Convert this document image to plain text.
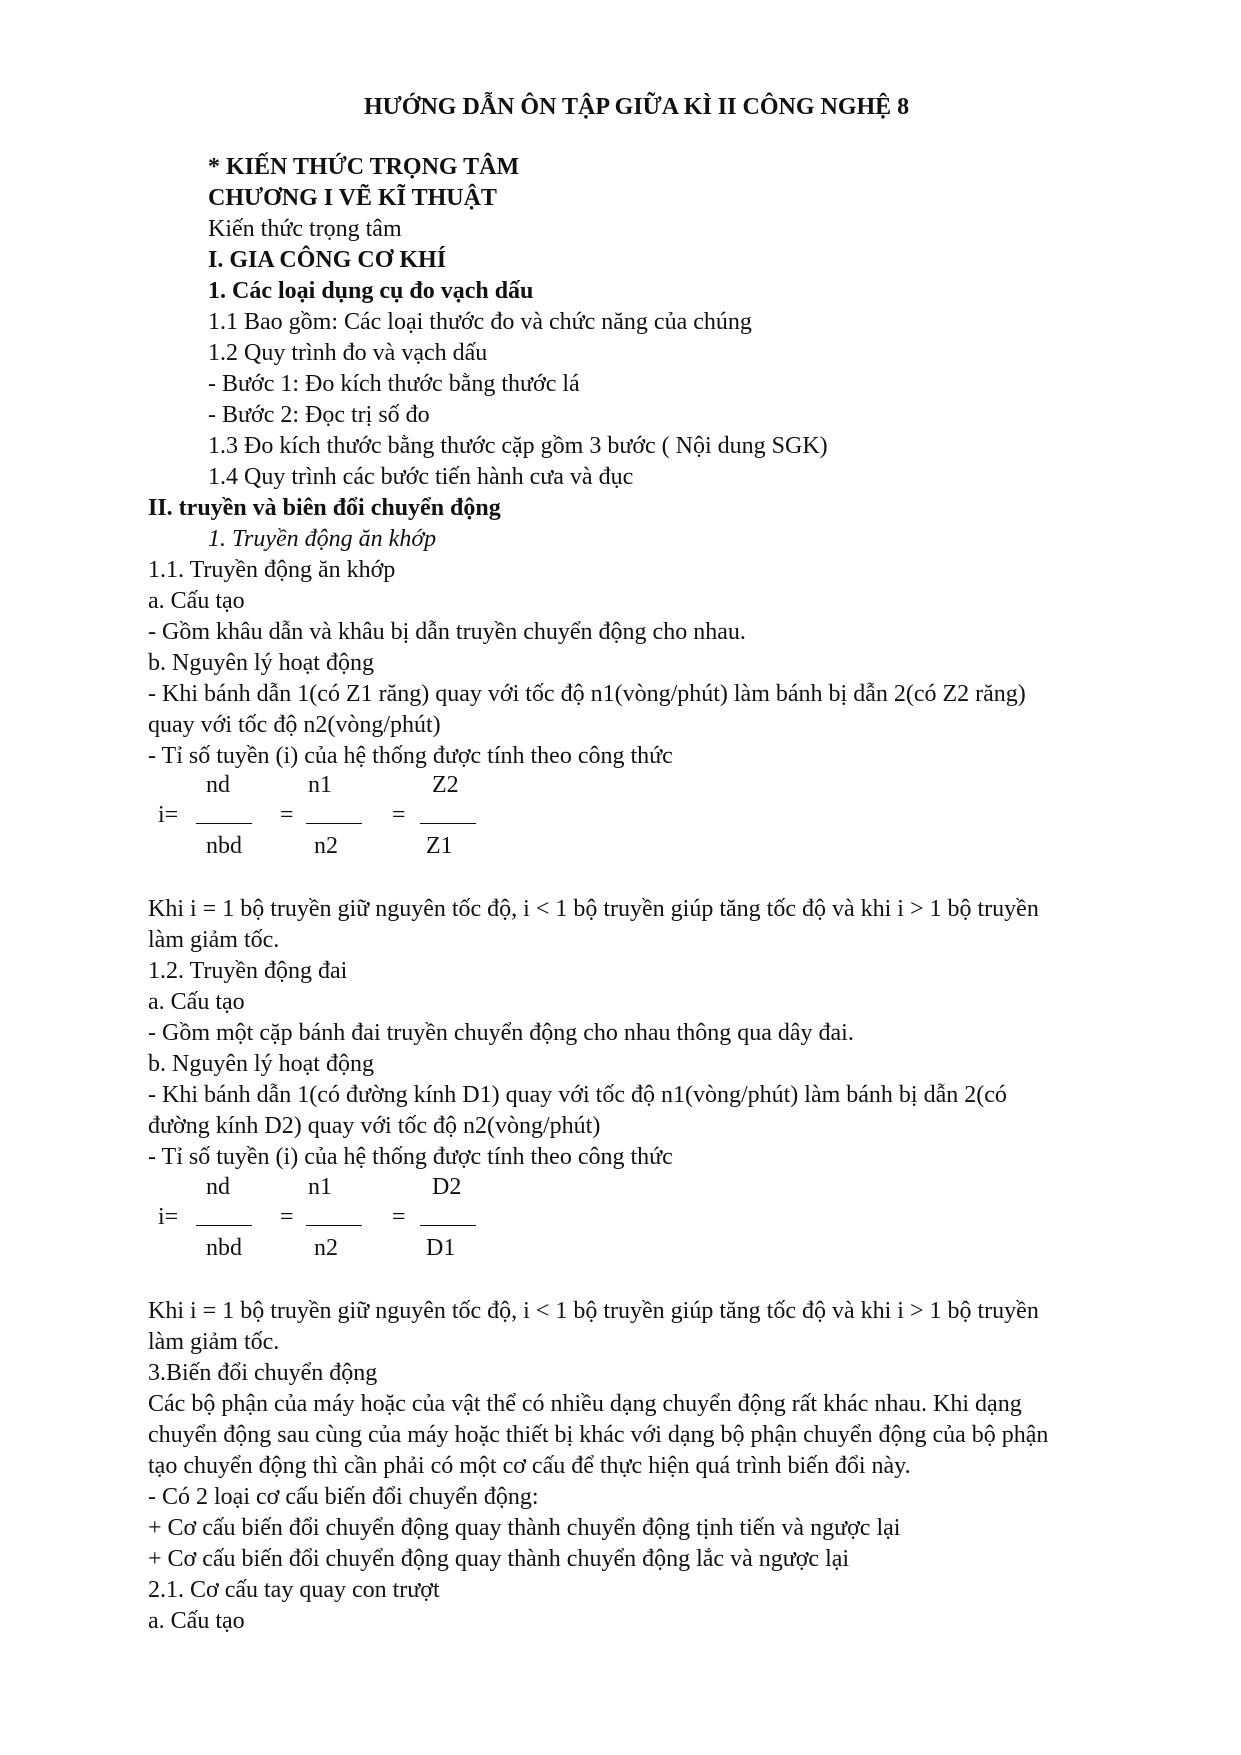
HƯỚNG DẪN ÔN TẬP GIỮA KÌ II CÔNG NGHỆ 8
* KIẾN THỨC TRỌNG TÂM
CHƯƠNG I VẼ KĨ THUẬT
Kiến thức trọng tâm
I. GIA CÔNG CƠ KHÍ
1. Các loại dụng cụ đo vạch dấu
1.1 Bao gồm: Các loại thước đo và chức năng của chúng
1.2 Quy trình đo và vạch dấu
- Bước 1: Đo kích thước bằng thước lá
- Bước 2: Đọc trị số đo
1.3 Đo kích thước bằng thước cặp gồm 3 bước ( Nội dung SGK)
1.4 Quy trình các bước tiến hành cưa và đục
II. truyền và biên đổi chuyển động
1. Truyền động ăn khớp
1.1. Truyền động ăn khớp
a. Cấu tạo
- Gồm khâu dẫn và khâu bị dẫn truyền chuyển động cho nhau.
b. Nguyên lý hoạt động
- Khi bánh dẫn 1(có Z1 răng) quay với tốc độ n1(vòng/phút) làm bánh bị dẫn 2(có Z2 răng)
quay với tốc độ n2(vòng/phút)
- Tỉ số tuyền (i) của hệ thống được tính theo công thức
i=
nd
nbd
=
n1
n2
=
Z2
Z1
Khi i = 1 bộ truyền giữ nguyên tốc độ, i < 1 bộ truyền giúp tăng tốc độ và khi i > 1 bộ truyền
làm giảm tốc.
1.2. Truyền động đai
a. Cấu tạo
- Gồm một cặp bánh đai truyền chuyển động cho nhau thông qua dây đai.
b. Nguyên lý hoạt động
- Khi bánh dẫn 1(có đường kính D1) quay với tốc độ n1(vòng/phút) làm bánh bị dẫn 2(có
đường kính D2) quay với tốc độ n2(vòng/phút)
- Tỉ số tuyền (i) của hệ thống được tính theo công thức
i=
nd
nbd
=
n1
n2
=
D2
D1
Khi i = 1 bộ truyền giữ nguyên tốc độ, i < 1 bộ truyền giúp tăng tốc độ và khi i > 1 bộ truyền
làm giảm tốc.
3.Biến đổi chuyển động
Các bộ phận của máy hoặc của vật thể có nhiều dạng chuyển động rất khác nhau. Khi dạng
chuyển động sau cùng của máy hoặc thiết bị khác với dạng bộ phận chuyển động của bộ phận
tạo chuyển động thì cần phải có một cơ cấu để thực hiện quá trình biến đổi này.
- Có 2 loại cơ cấu biến đổi chuyển động:
+ Cơ cấu biến đổi chuyển động quay thành chuyển động tịnh tiến và ngược lại
+ Cơ cấu biến đổi chuyển động quay thành chuyển động lắc và ngược lại
2.1. Cơ cấu tay quay con trượt
a. Cấu tạo
